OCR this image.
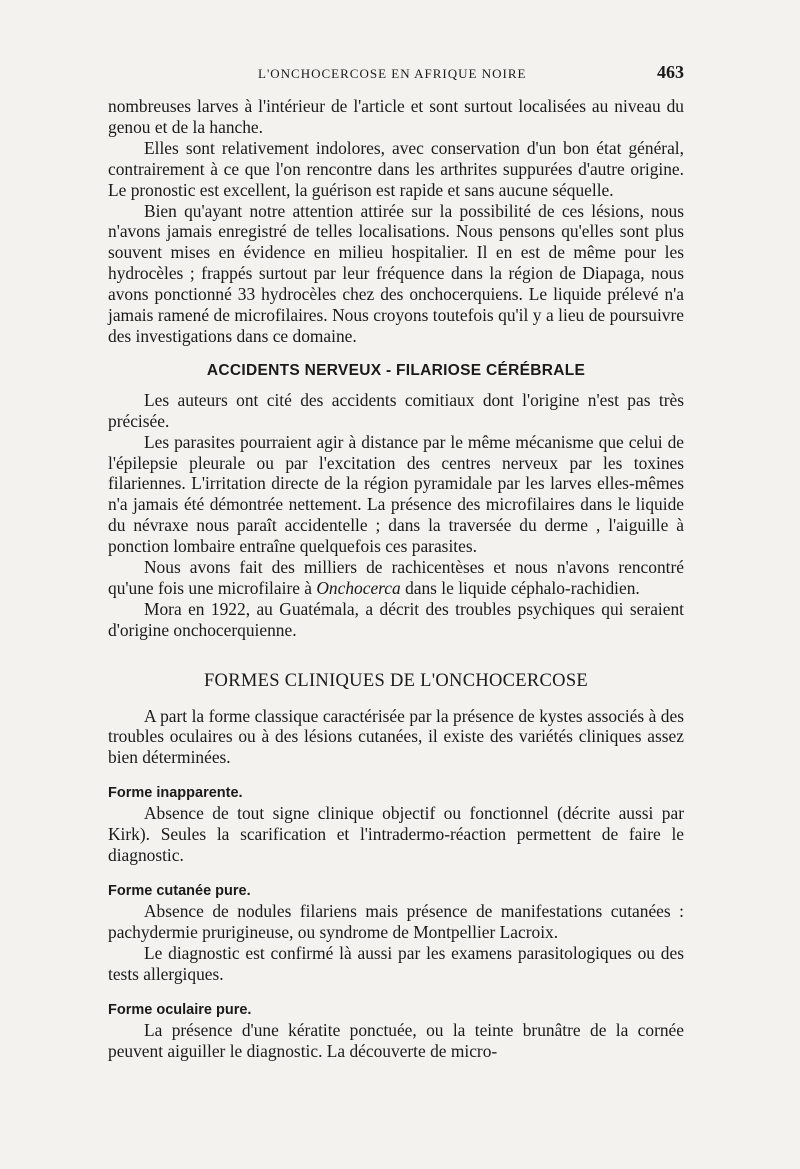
L'ONCHOCERCOSE EN AFRIQUE NOIRE	463

nombreuses larves à l'intérieur de l'article et sont surtout localisées au niveau du genou et de la hanche.

Elles sont relativement indolores, avec conservation d'un bon état général, contrairement à ce que l'on rencontre dans les arthrites suppurées d'autre origine. Le pronostic est excellent, la guérison est rapide et sans aucune séquelle.

Bien qu'ayant notre attention attirée sur la possibilité de ces lésions, nous n'avons jamais enregistré de telles localisations. Nous pensons qu'elles sont plus souvent mises en évidence en milieu hospitalier. Il en est de même pour les hydrocèles ; frappés surtout par leur fréquence dans la région de Diapaga, nous avons ponctionné 33 hydrocèles chez des onchocerquiens. Le liquide prélevé n'a jamais ramené de microfilaires. Nous croyons toutefois qu'il y a lieu de poursuivre des investigations dans ce domaine.

ACCIDENTS NERVEUX - FILARIOSE CÉRÉBRALE

Les auteurs ont cité des accidents comitiaux dont l'origine n'est pas très précisée.

Les parasites pourraient agir à distance par le même mécanisme que celui de l'épilepsie pleurale ou par l'excitation des centres nerveux par les toxines filariennes. L'irritation directe de la région pyramidale par les larves elles-mêmes n'a jamais été démontrée nettement. La présence des microfilaires dans le liquide du névraxe nous paraît accidentelle ; dans la traversée du derme , l'aiguille à ponction lombaire entraîne quelquefois ces parasites.

Nous avons fait des milliers de rachicentèses et nous n'avons rencontré qu'une fois une microfilaire à Onchocerca dans le liquide céphalo-rachidien.

Mora en 1922, au Guatémala, a décrit des troubles psychiques qui seraient d'origine onchocerquienne.

FORMES CLINIQUES DE L'ONCHOCERCOSE

A part la forme classique caractérisée par la présence de kystes associés à des troubles oculaires ou à des lésions cutanées, il existe des variétés cliniques assez bien déterminées.

Forme inapparente.

Absence de tout signe clinique objectif ou fonctionnel (décrite aussi par Kirk). Seules la scarification et l'intradermo-réaction permettent de faire le diagnostic.

Forme cutanée pure.

Absence de nodules filariens mais présence de manifestations cutanées : pachydermie prurigineuse, ou syndrome de Montpellier Lacroix.

Le diagnostic est confirmé là aussi par les examens parasitologiques ou des tests allergiques.

Forme oculaire pure.

La présence d'une kératite ponctuée, ou la teinte brunâtre de la cornée peuvent aiguiller le diagnostic. La découverte de micro-
